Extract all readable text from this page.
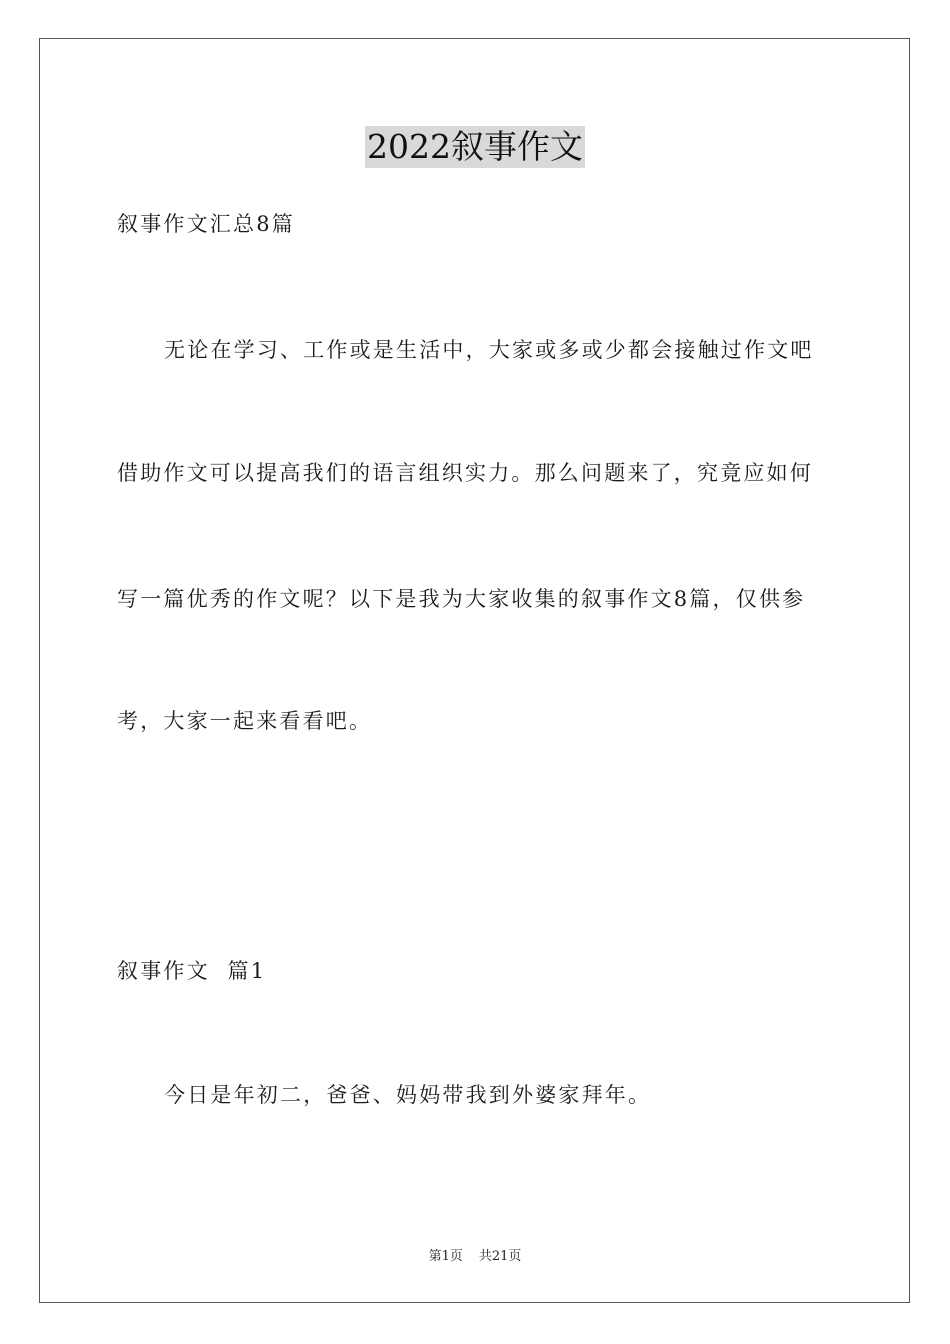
2022叙事作文
叙事作文汇总8篇
无论在学习、工作或是生活中，大家或多或少都会接触过作文吧
借助作文可以提高我们的语言组织实力。那么问题来了，究竟应如何
写一篇优秀的作文呢？以下是我为大家收集的叙事作文8篇，仅供参
考，大家一起来看看吧。
叙事作文  篇1
今日是年初二，爸爸、妈妈带我到外婆家拜年。
第1页 共21页
